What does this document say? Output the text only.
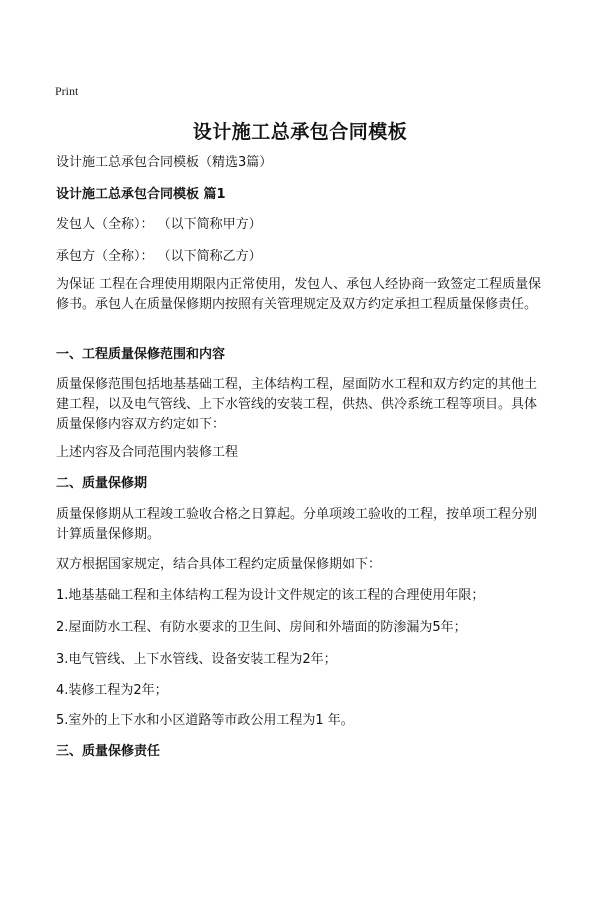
Print
设计施工总承包合同模板
设计施工总承包合同模板（精选3篇）
设计施工总承包合同模板 篇1
发包人（全称）： （以下简称甲方）
承包方（全称）： （以下简称乙方）
为保证 工程在合理使用期限内正常使用，发包人、承包人经协商一致签定工程质量保修书。承包人在质量保修期内按照有关管理规定及双方约定承担工程质量保修责任。
一、工程质量保修范围和内容
质量保修范围包括地基基础工程，主体结构工程，屋面防水工程和双方约定的其他土建工程，以及电气管线、上下水管线的安装工程，供热、供冷系统工程等项目。具体质量保修内容双方约定如下：
上述内容及合同范围内装修工程
二、质量保修期
质量保修期从工程竣工验收合格之日算起。分单项竣工验收的工程，按单项工程分别计算质量保修期。
双方根据国家规定，结合具体工程约定质量保修期如下：
1.地基基础工程和主体结构工程为设计文件规定的该工程的合理使用年限；
2.屋面防水工程、有防水要求的卫生间、房间和外墙面的防渗漏为5年；
3.电气管线、上下水管线、设备安装工程为2年；
4.装修工程为2年；
5.室外的上下水和小区道路等市政公用工程为1 年。
三、质量保修责任
